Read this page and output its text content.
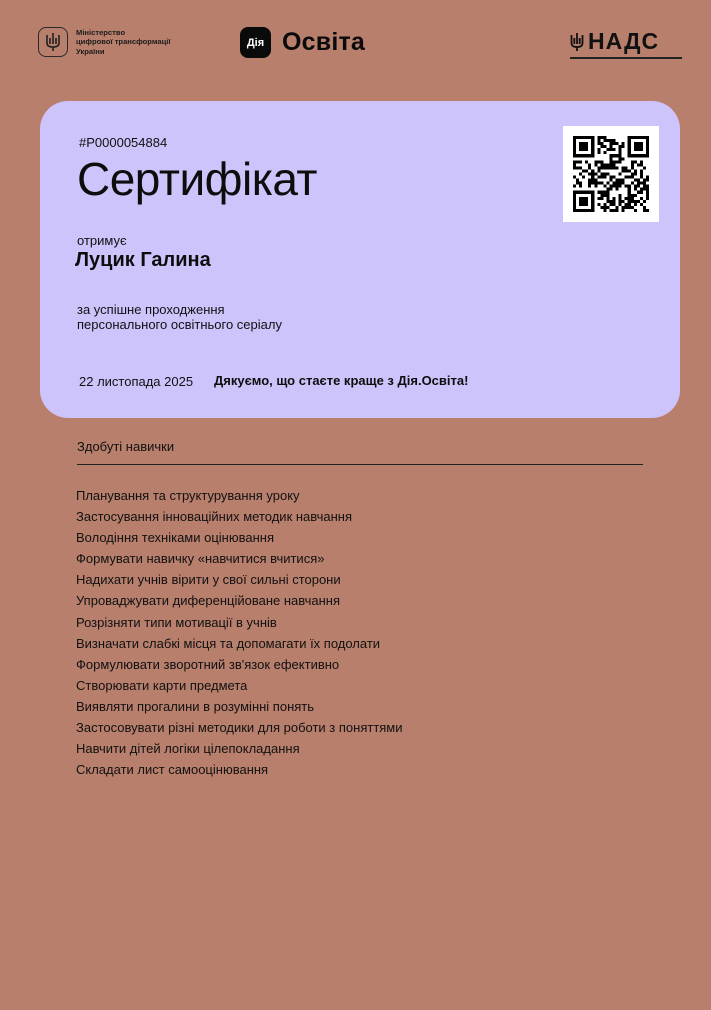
Міністерство
цифрової трансформації
України
Дія Освіта	НАДС
#P0000054884
Сертифікат
отримує
Луцик Галина
за успішне проходження
персонального освітнього серіалу
22 листопада 2025 Дякуємо, що стаєте краще з Дія.Освіта!
Здобуті навички
Планування та структурування уроку
Застосування інноваційних методик навчання
Володіння техніками оцінювання
Формувати навичку «навчитися вчитися»
Надихати учнів вірити у свої сильні сторони
Упроваджувати диференційоване навчання
Розрізняти типи мотивації в учнів
Визначати слабкі місця та допомагати їх подолати
Формулювати зворотний зв'язок ефективно
Створювати карти предмета
Виявляти прогалини в розумінні понять
Застосовувати різні методики для роботи з поняттями
Навчити дітей логіки цілепокладання
Складати лист самооцінювання
